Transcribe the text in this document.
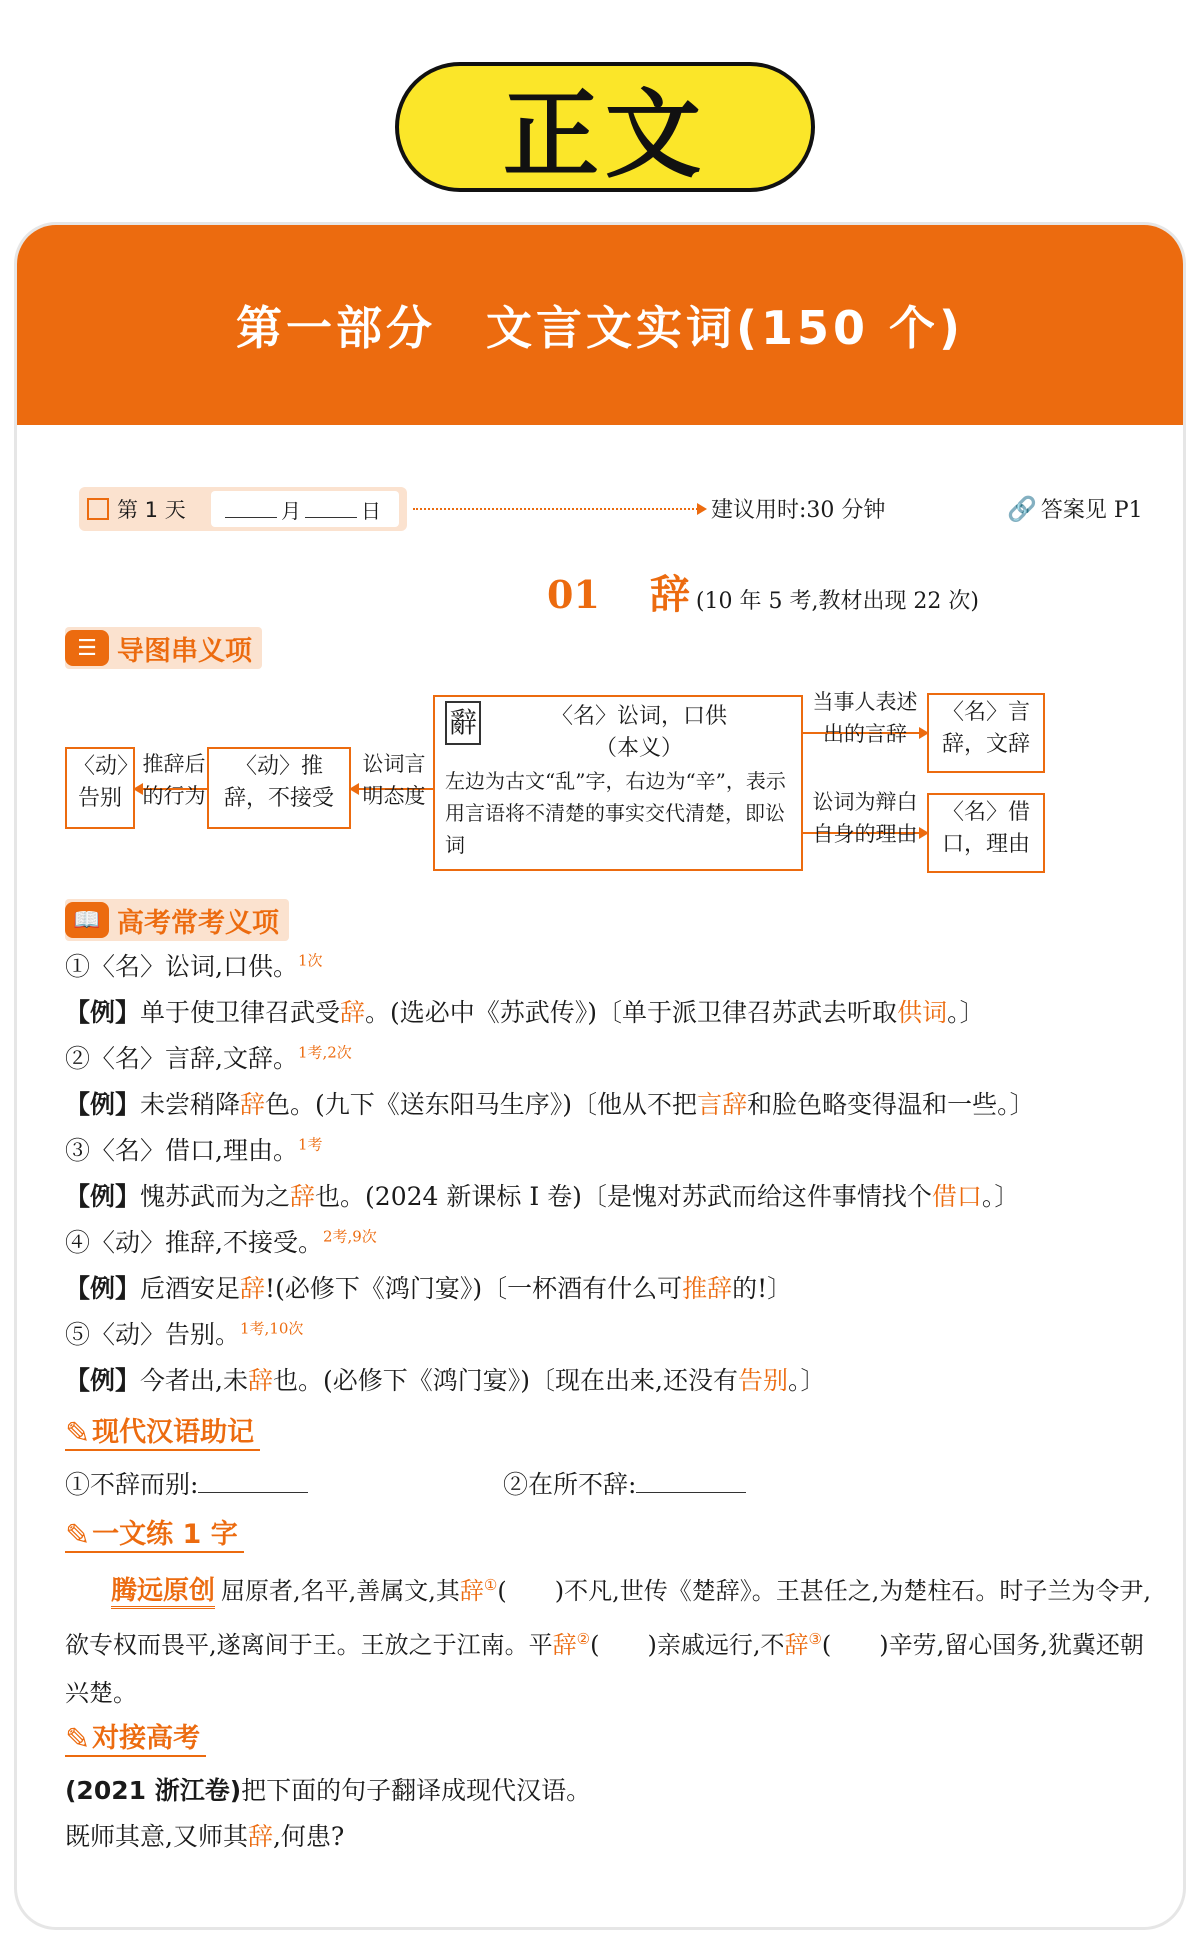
正文
第一部分　文言文实词(150 个)
第 1 天	月	日	建议用时:30 分钟	🔗 答案见 P1
01 辞 (10 年 5 考,教材出现 22 次)
☰ 导图串义项
〈动〉告别
推辞后的行为
〈动〉推辞，不接受
讼词言明态度
辭	〈名〉讼词，口供
（本义）
左边为古文“乱”字，右边为“辛”，表示用言语将不清楚的事实交代清楚，即讼词
当事人表述出的言辞
〈名〉言辞，文辞
讼词为辩白自身的理由
〈名〉借口，理由
📖 高考常考义项
①〈名〉讼词,口供。$^{1次}$
【例】单于使卫律召武受辞。(选必中《苏武传》)〔单于派卫律召苏武去听取供词。〕
②〈名〉言辞,文辞。$^{1考,2次}$
【例】未尝稍降辞色。(九下《送东阳马生序》)〔他从不把言辞和脸色略变得温和一些。〕
③〈名〉借口,理由。$^{1考}$
【例】愧苏武而为之辞也。(2024 新课标 Ⅰ 卷)〔是愧对苏武而给这件事情找个借口。〕
④〈动〉推辞,不接受。$^{2考,9次}$
【例】卮酒安足辞!(必修下《鸿门宴》)〔一杯酒有什么可推辞的!〕
⑤〈动〉告别。$^{1考,10次}$
【例】今者出,未辞也。(必修下《鸿门宴》)〔现在出来,还没有告别。〕
✎ 现代汉语助记
①不辞而别:	②在所不辞:
✎ 一文练 1 字
腾远原创 屈原者,名平,善属文,其辞①(　　)不凡,世传《楚辞》。王甚任之,为楚柱石。时子兰为令尹,欲专权而畏平,遂离间于王。王放之于江南。平辞②(　　)亲戚远行,不辞③(　　)辛劳,留心国务,犹冀还朝兴楚。
✎ 对接高考
(2021 浙江卷)把下面的句子翻译成现代汉语。
既师其意,又师其辞,何患?
